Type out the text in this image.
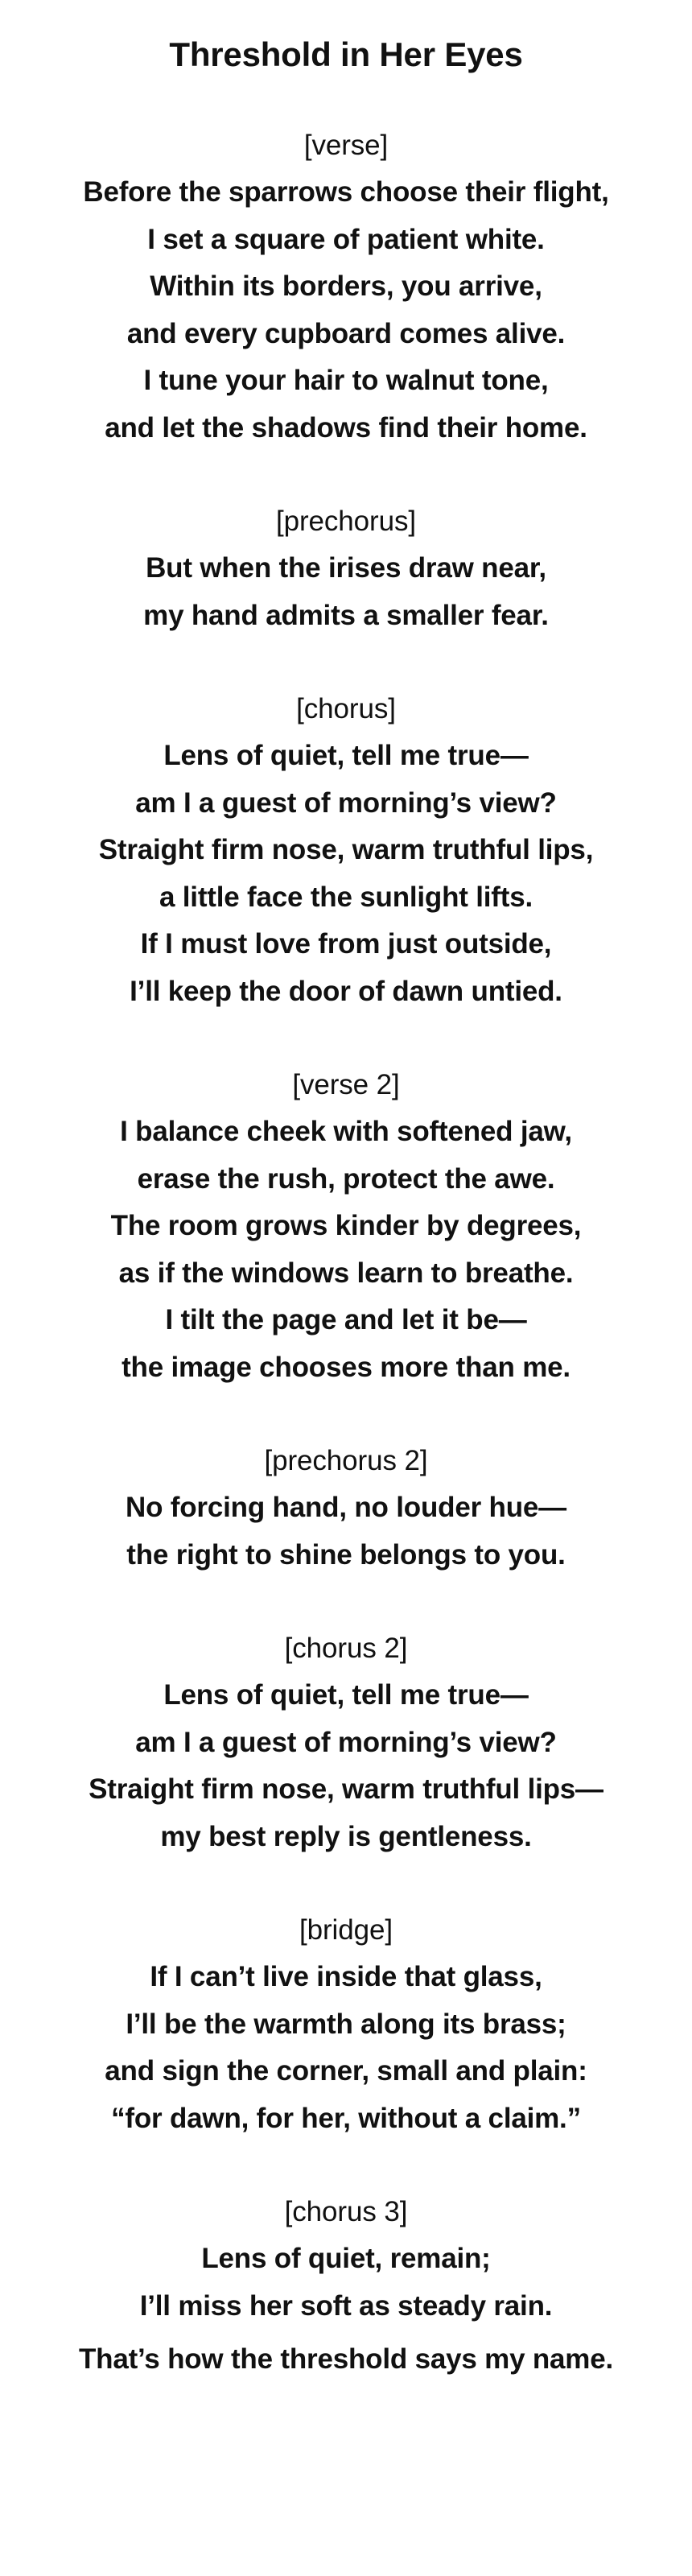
Threshold in Her Eyes
[verse]
Before the sparrows choose their flight,
I set a square of patient white.
Within its borders, you arrive,
and every cupboard comes alive.
I tune your hair to walnut tone,
and let the shadows find their home.
[prechorus]
But when the irises draw near,
my hand admits a smaller fear.
[chorus]
Lens of quiet, tell me true—
am I a guest of morning’s view?
Straight firm nose, warm truthful lips,
a little face the sunlight lifts.
If I must love from just outside,
I’ll keep the door of dawn untied.
[verse 2]
I balance cheek with softened jaw,
erase the rush, protect the awe.
The room grows kinder by degrees,
as if the windows learn to breathe.
I tilt the page and let it be—
the image chooses more than me.
[prechorus 2]
No forcing hand, no louder hue—
the right to shine belongs to you.
[chorus 2]
Lens of quiet, tell me true—
am I a guest of morning’s view?
Straight firm nose, warm truthful lips—
my best reply is gentleness.
[bridge]
If I can’t live inside that glass,
I’ll be the warmth along its brass;
and sign the corner, small and plain:
“for dawn, for her, without a claim.”
[chorus 3]
Lens of quiet, remain;
I’ll miss her soft as steady rain.
That’s how the threshold says my name.
